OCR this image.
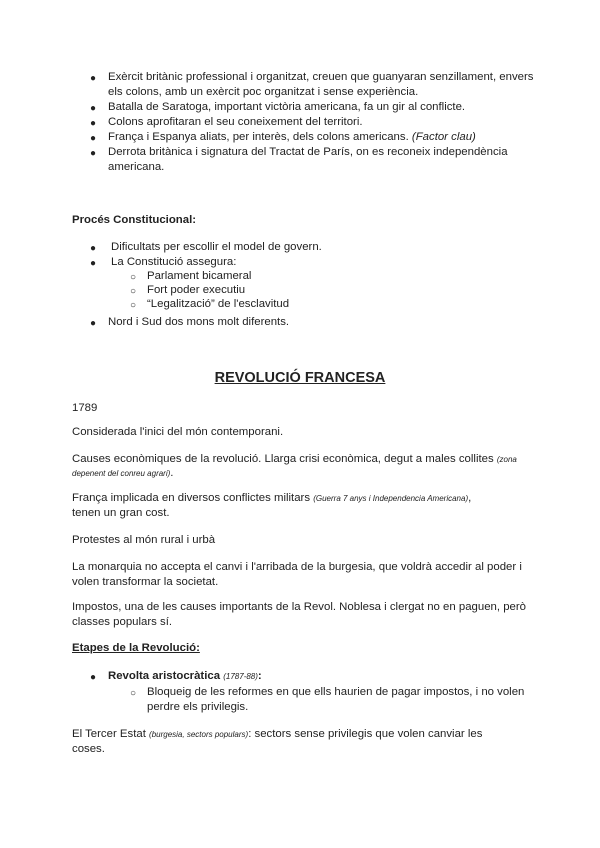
● Exèrcit britànic professional i organitzat, creuen que guanyaran senzillament, envers
els colons, amb un exèrcit poc organitzat i sense experiència.
● Batalla de Saratoga, important victòria americana, fa un gir al conflicte.
● Colons aprofitaran el seu coneixement del territori.
● França i Espanya aliats, per interès, dels colons americans. (Factor clau)
● Derrota britànica i signatura del Tractat de París, on es reconeix independència
americana.
Procés Constitucional:
● Dificultats per escollir el model de govern.
● La Constitució assegura:
○ Parlament bicameral
○ Fort poder executiu
○ “Legalització” de l'esclavitud
● Nord i Sud dos mons molt diferents.
REVOLUCIÓ FRANCESA
1789
Considerada l'inici del món contemporani.
Causes econòmiques de la revolució. Llarga crisi econòmica, degut a males collites (zona
depenent del conreu agrari).
França implicada en diversos conflictes militars (Guerra 7 anys i Independencia Americana),
tenen un gran cost.
Protestes al món rural i urbà
La monarquia no accepta el canvi i l'arribada de la burgesia, que voldrà accedir al poder i
volen transformar la societat.
Impostos, una de les causes importants de la Revol. Noblesa i clergat no en paguen, però
classes populars sí.
Etapes de la Revolució:
● Revolta aristocràtica (1787-88):
○ Bloqueig de les reformes en que ells haurien de pagar impostos, i no volen
perdre els privilegis.
El Tercer Estat (burgesia, sectors populars): sectors sense privilegis que volen canviar les
coses.
